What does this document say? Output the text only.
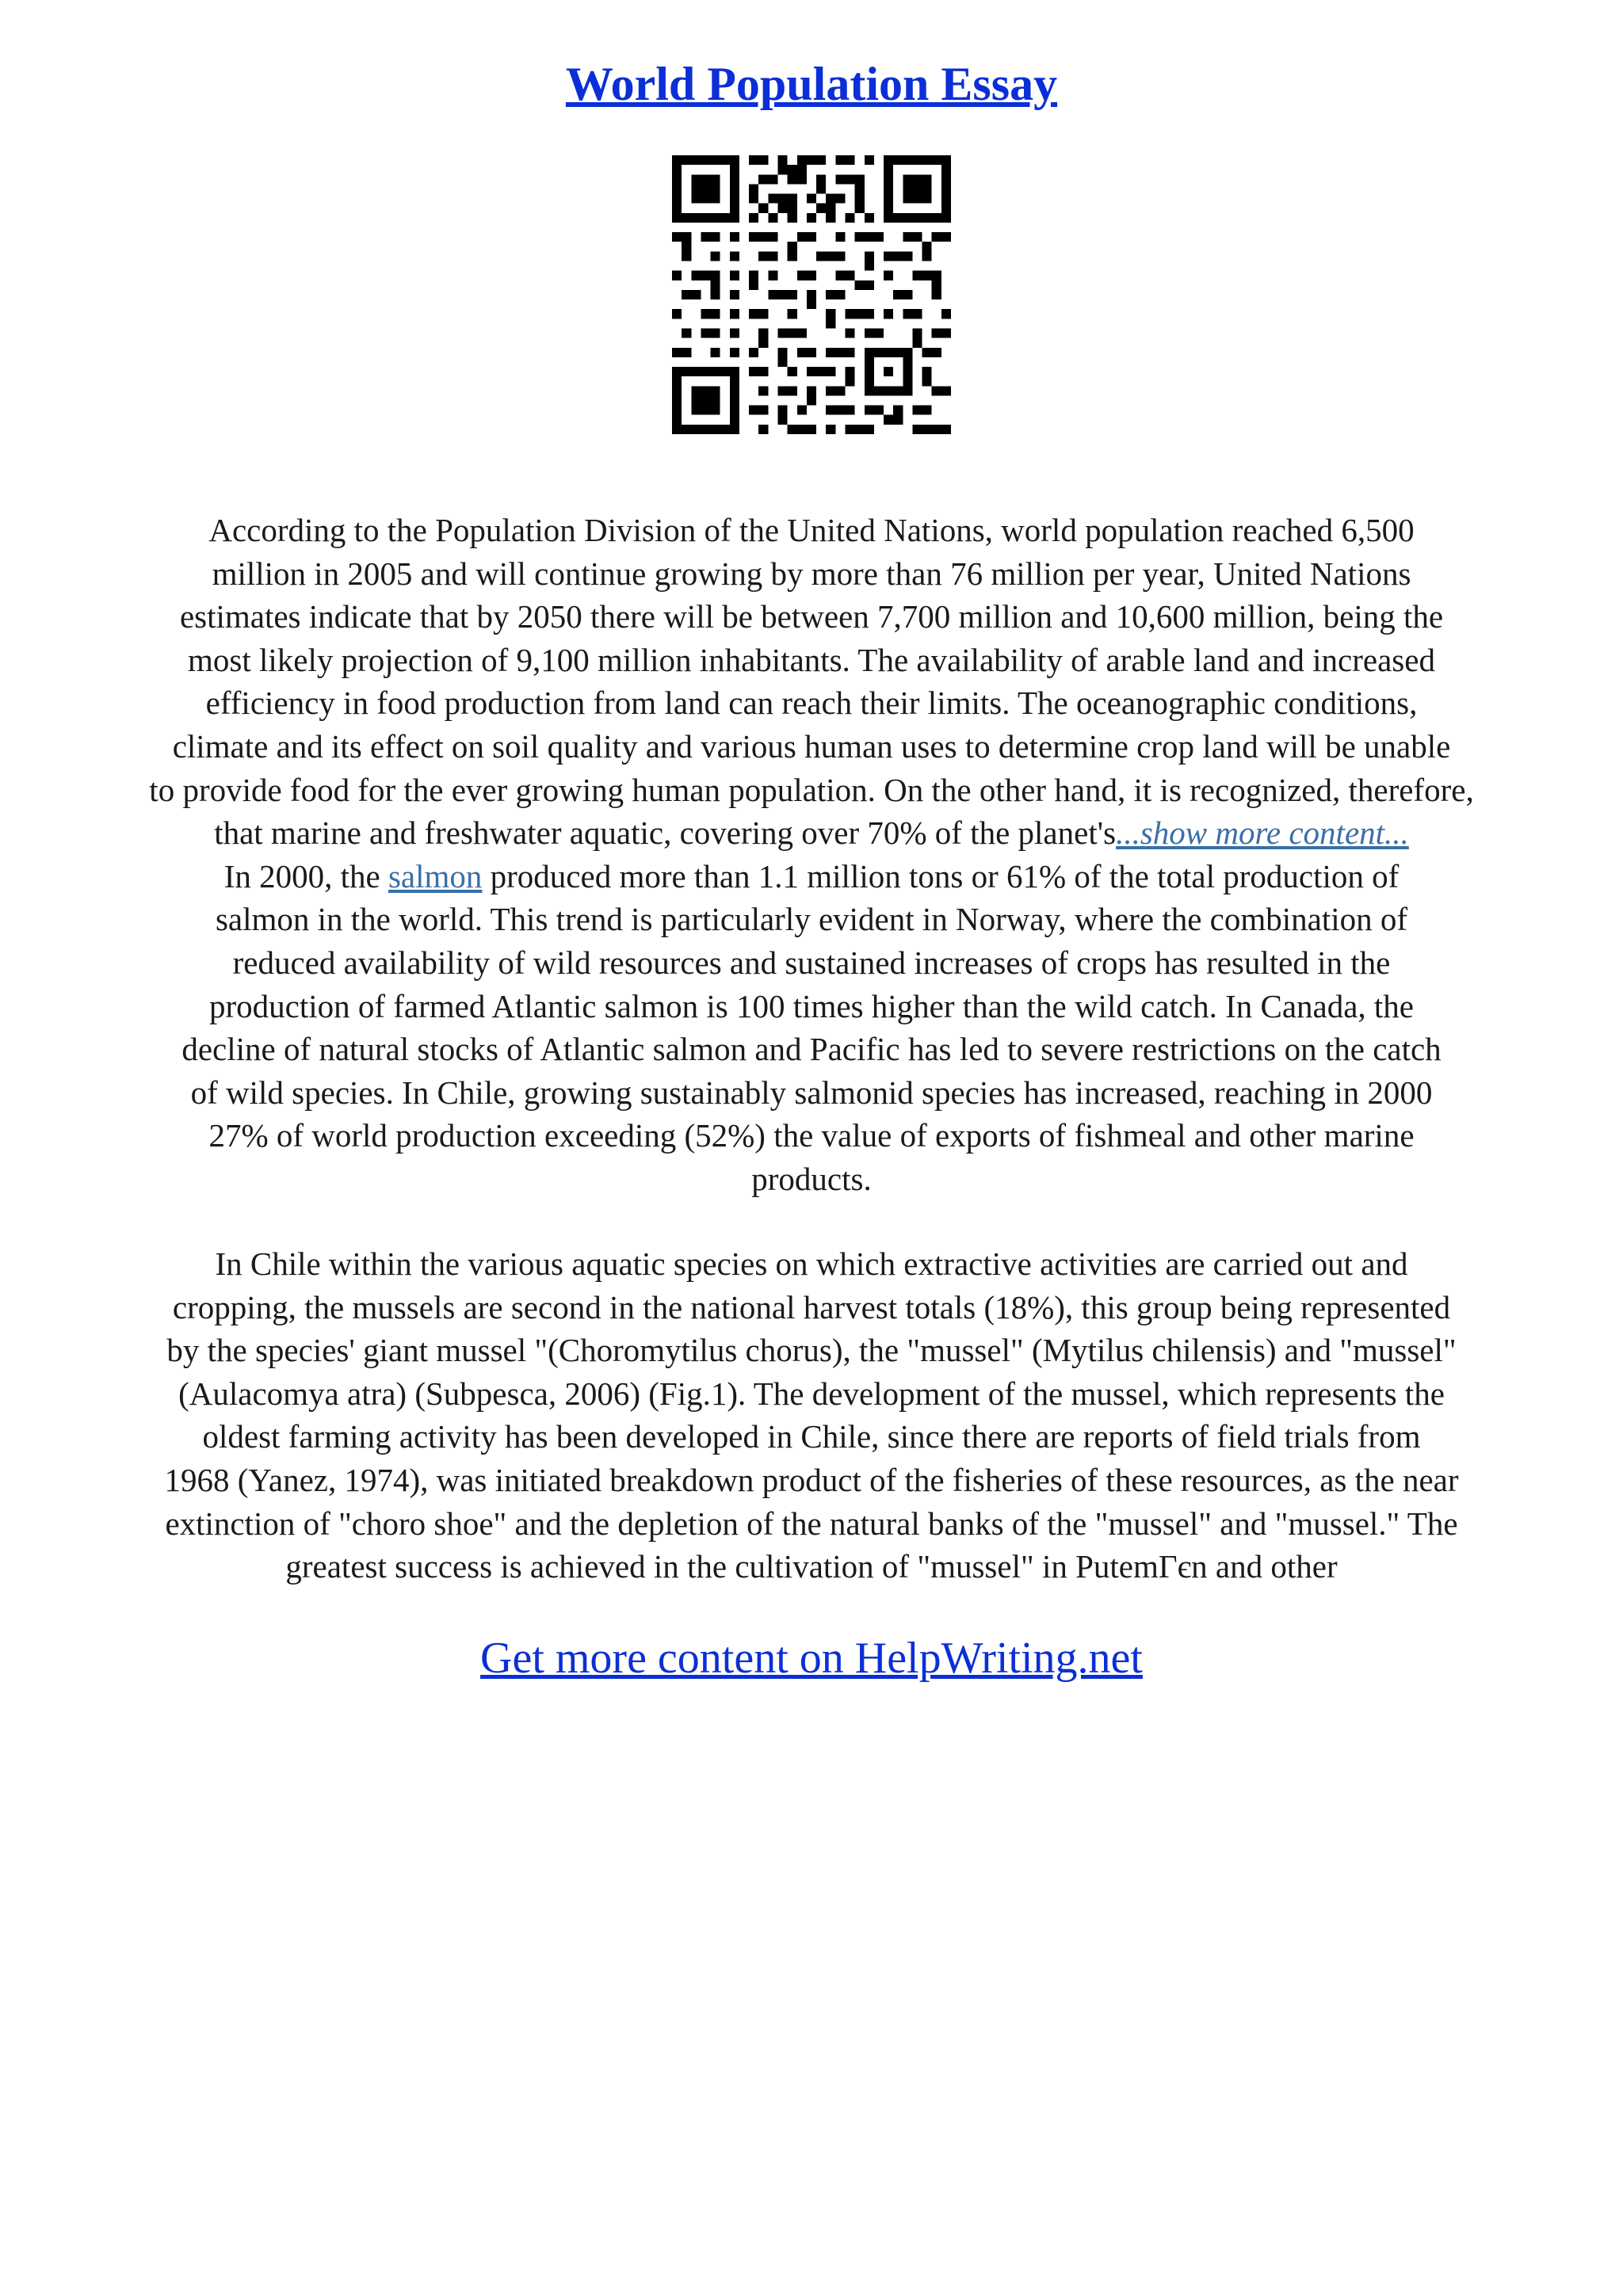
World Population Essay

According to the Population Division of the United Nations, world population reached 6,500
million in 2005 and will continue growing by more than 76 million per year, United Nations
estimates indicate that by 2050 there will be between 7,700 million and 10,600 million, being the
most likely projection of 9,100 million inhabitants. The availability of arable land and increased
efficiency in food production from land can reach their limits. The oceanographic conditions,
climate and its effect on soil quality and various human uses to determine crop land will be unable
to provide food for the ever growing human population. On the other hand, it is recognized, therefore,
that marine and freshwater aquatic, covering over 70% of the planet's...show more content...

In 2000, the salmon produced more than 1.1 million tons or 61% of the total production of
salmon in the world. This trend is particularly evident in Norway, where the combination of
reduced availability of wild resources and sustained increases of crops has resulted in the
production of farmed Atlantic salmon is 100 times higher than the wild catch. In Canada, the
decline of natural stocks of Atlantic salmon and Pacific has led to severe restrictions on the catch
of wild species. In Chile, growing sustainably salmonid species has increased, reaching in 2000
27% of world production exceeding (52%) the value of exports of fishmeal and other marine
products.

In Chile within the various aquatic species on which extractive activities are carried out and
cropping, the mussels are second in the national harvest totals (18%), this group being represented
by the species' giant mussel "(Choromytilus chorus), the "mussel" (Mytilus chilensis) and "mussel"
(Aulacomya atra) (Subpesca, 2006) (Fig.1). The development of the mussel, which represents the
oldest farming activity has been developed in Chile, since there are reports of field trials from
1968 (Yanez, 1974), was initiated breakdown product of the fisheries of these resources, as the near
extinction of "choro shoe" and the depletion of the natural banks of the "mussel" and "mussel." The
greatest success is achieved in the cultivation of "mussel" in PutemΓєn and other

Get more content on HelpWriting.net
